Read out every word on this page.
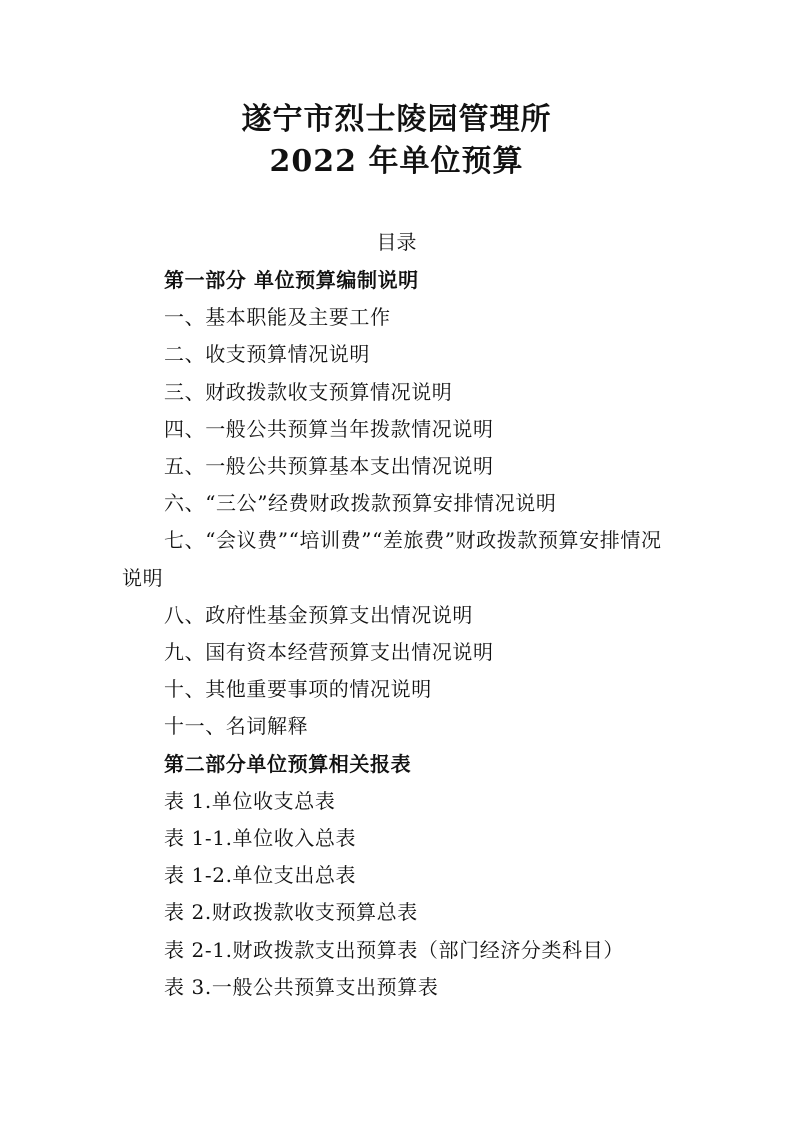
遂宁市烈士陵园管理所
2022 年单位预算
目录
第一部分 单位预算编制说明
一、基本职能及主要工作
二、收支预算情况说明
三、财政拨款收支预算情况说明
四、一般公共预算当年拨款情况说明
五、一般公共预算基本支出情况说明
六、“三公”经费财政拨款预算安排情况说明
七、“会议费”“培训费”“差旅费”财政拨款预算安排情况说明
八、政府性基金预算支出情况说明
九、国有资本经营预算支出情况说明
十、其他重要事项的情况说明
十一、名词解释
第二部分单位预算相关报表
表 1.单位收支总表
表 1-1.单位收入总表
表 1-2.单位支出总表
表 2.财政拨款收支预算总表
表 2-1.财政拨款支出预算表（部门经济分类科目）
表 3.一般公共预算支出预算表
